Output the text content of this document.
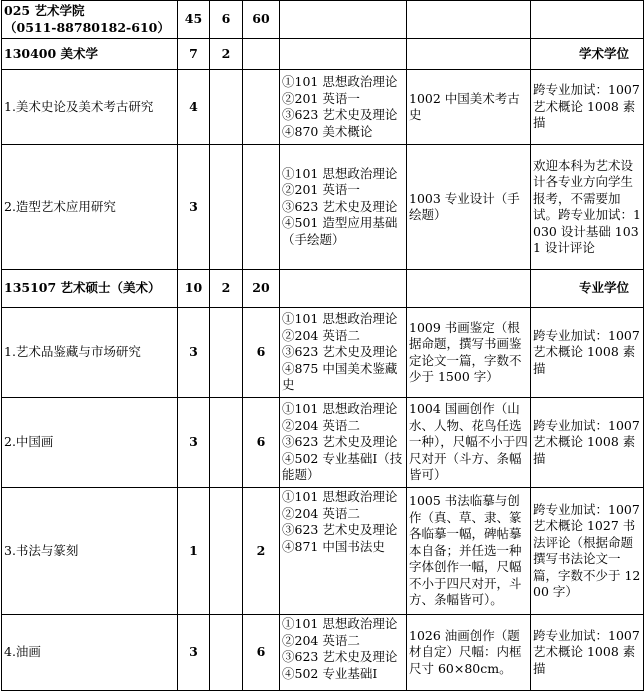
025 艺术学院
（0511-88780182-610）	45	6	60			
130400 美术学	7	2				学术学位
1.美术史论及美术考古研究	4			①101 思想政治理论
②201 英语一
③623 艺术史及理论
④870 美术概论	1002 中国美术考古史	跨专业加试：1007 艺术概论 1008 素描
2.造型艺术应用研究	3			①101 思想政治理论
②201 英语一
③623 艺术史及理论
④501 造型应用基础（手绘题）	1003 专业设计（手绘题）	欢迎本科为艺术设计各专业方向学生报考，不需要加试。跨专业加试：1030 设计基础 1031 设计评论
135107 艺术硕士（美术）	10	2	20			专业学位
1.艺术品鉴藏与市场研究	3		6	①101 思想政治理论
②204 英语二
③623 艺术史及理论
④875 中国美术鉴藏史	1009 书画鉴定（根据命题，撰写书画鉴定论文一篇，字数不少于 1500 字）	跨专业加试：1007 艺术概论 1008 素描
2.中国画	3		6	①101 思想政治理论
②204 英语二
③623 艺术史及理论
④502 专业基础Ⅰ（技能题）	1004 国画创作（山水、人物、花鸟任选一种），尺幅不小于四尺对开（斗方、条幅皆可）	跨专业加试：1007 艺术概论 1008 素描
3.书法与篆刻	1		2	①101 思想政治理论
②204 英语二
③623 艺术史及理论
④871 中国书法史	1005 书法临摹与创作（真、草、隶、篆各临摹一幅，碑帖摹本自备；并任选一种字体创作一幅，尺幅不小于四尺对开，斗方、条幅皆可）。	跨专业加试：1007 艺术概论 1027 书法评论（根据命题撰写书法论文一篇，字数不少于 1200 字）
4.油画	3		6	①101 思想政治理论
②204 英语二
③623 艺术史及理论
④502 专业基础Ⅰ	1026 油画创作（题材自定）尺幅：内框尺寸 60×80cm。	跨专业加试：1007 艺术概论 1008 素描
